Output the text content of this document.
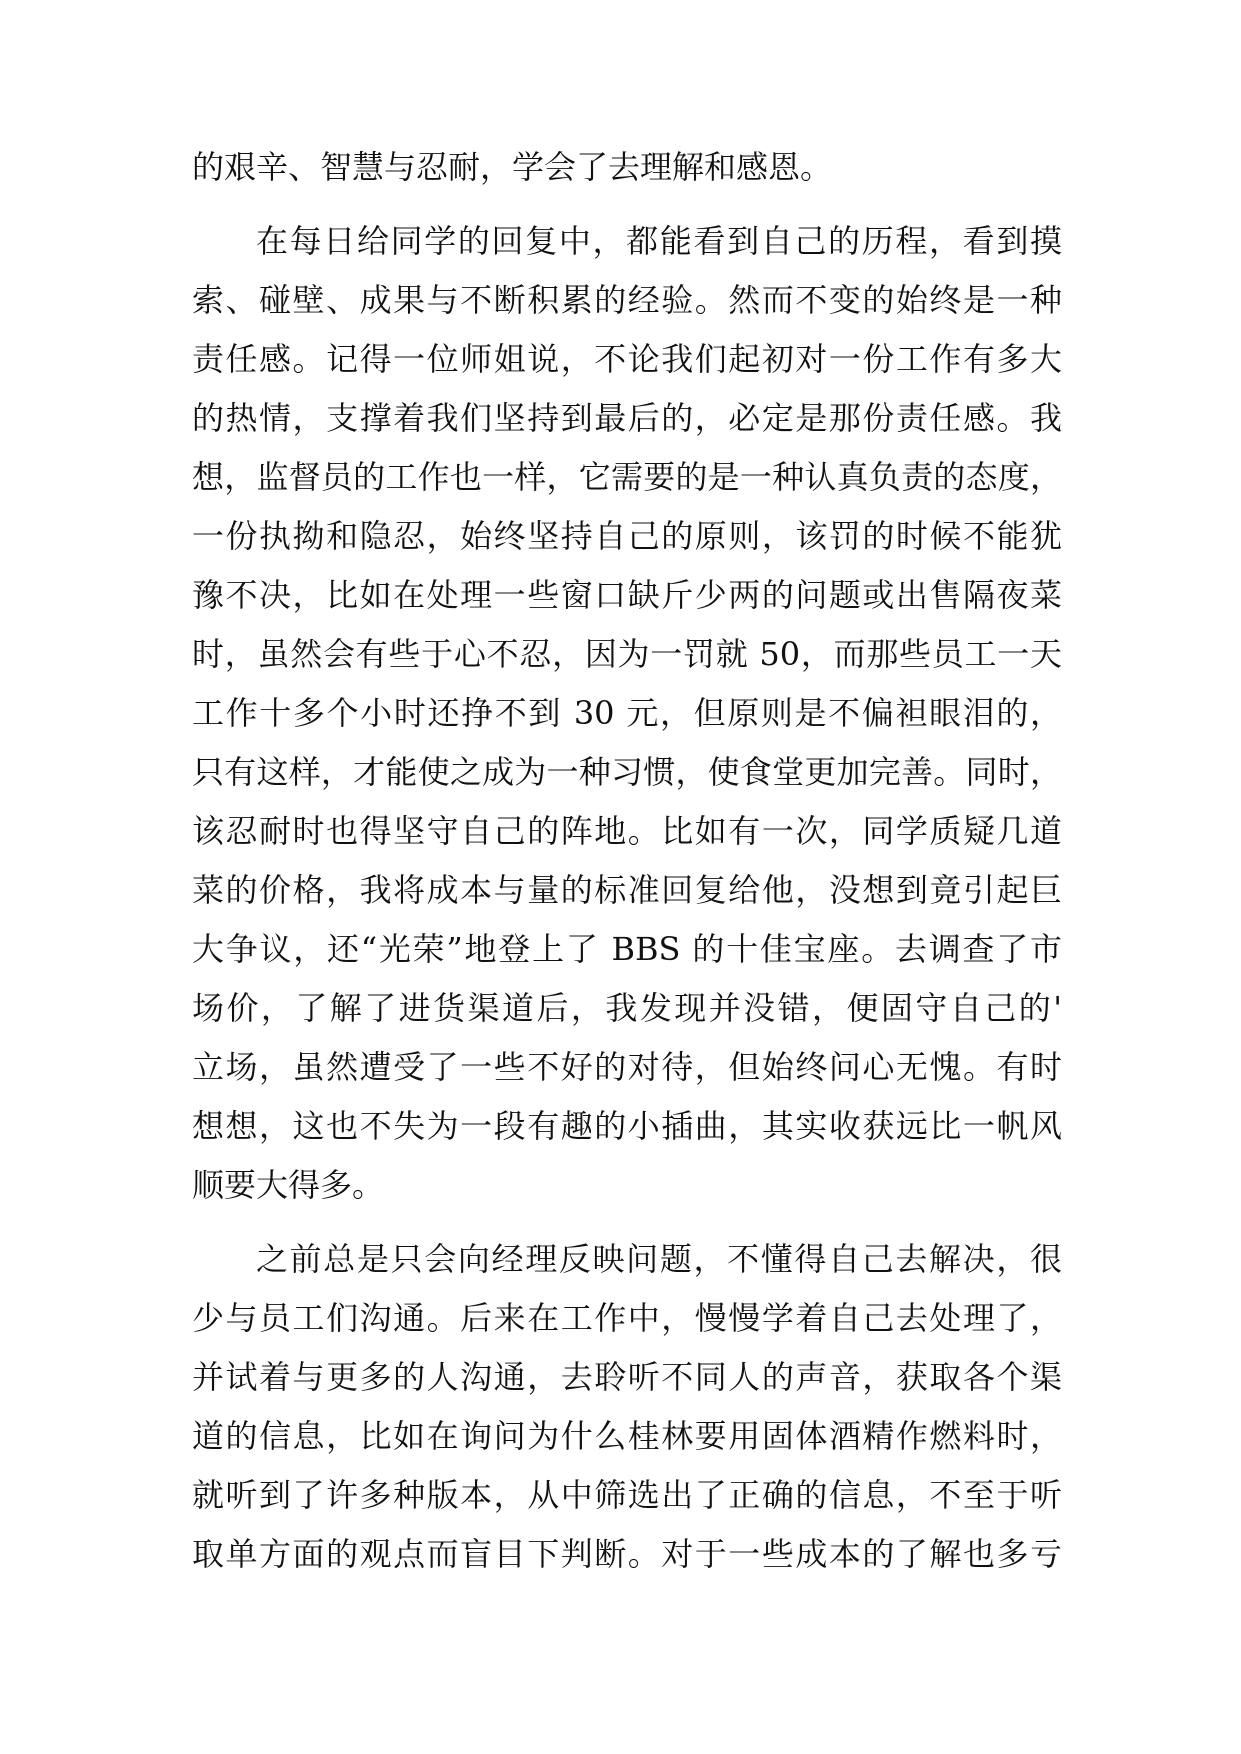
的艰辛、智慧与忍耐，学会了去理解和感恩。
在每日给同学的回复中，都能看到自己的历程，看到摸
索、碰壁、成果与不断积累的经验。然而不变的始终是一种
责任感。记得一位师姐说，不论我们起初对一份工作有多大
的热情，支撑着我们坚持到最后的，必定是那份责任感。我
想，监督员的工作也一样，它需要的是一种认真负责的态度，
一份执拗和隐忍，始终坚持自己的原则，该罚的时候不能犹
豫不决，比如在处理一些窗口缺斤少两的问题或出售隔夜菜
时，虽然会有些于心不忍，因为一罚就 50，而那些员工一天
工作十多个小时还挣不到 30 元，但原则是不偏袒眼泪的，
只有这样，才能使之成为一种习惯，使食堂更加完善。同时，
该忍耐时也得坚守自己的阵地。比如有一次，同学质疑几道
菜的价格，我将成本与量的标准回复给他，没想到竟引起巨
大争议，还“光荣”地登上了 BBS 的十佳宝座。去调查了市
场价，了解了进货渠道后，我发现并没错，便固守自己的'
立场，虽然遭受了一些不好的对待，但始终问心无愧。有时
想想，这也不失为一段有趣的小插曲，其实收获远比一帆风
顺要大得多。
之前总是只会向经理反映问题，不懂得自己去解决，很
少与员工们沟通。后来在工作中，慢慢学着自己去处理了，
并试着与更多的人沟通，去聆听不同人的声音，获取各个渠
道的信息，比如在询问为什么桂林要用固体酒精作燃料时，
就听到了许多种版本，从中筛选出了正确的信息，不至于听
取单方面的观点而盲目下判断。对于一些成本的了解也多亏
